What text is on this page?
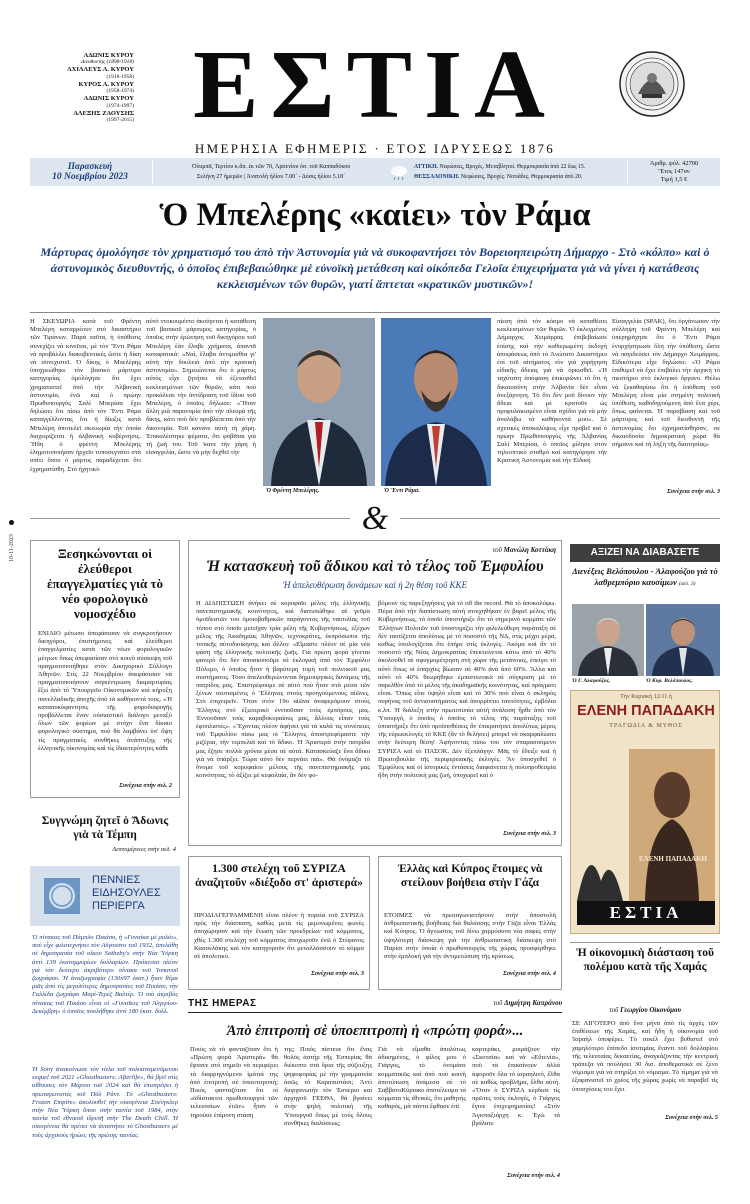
ΑΔΩΝΙΣ ΚΥΡΟΥ
Διευθυντής (1898-1918)
ΑΧΙΛΛΕΥΣ Α. ΚΥΡΟΥ
(1918-1958)
ΚΥΡΟΣ Α. ΚΥΡΟΥ
(1958-1974)
ΑΔΩΝΙΣ ΚΥΡΟΥ
(1974-1997)
ΑΛΕΞΗΣ ΖΑΟΥΣΗΣ
(1997-2015) ΕΣΤΙΑ
ΗΜΕΡΗΣΙΑ ΕΦΗΜΕΡΙΣ · ΕΤΟΣ ΙΔΡΥΣΕΩΣ 1876
Παρασκευή
10 Νοεμβρίου 2023
Ὀλυμπᾶ, Τερτίου κ.ἄπ. ἐκ τῶν 70, Ἀρσενίου ὁσ. τοῦ Καππαδόκου
Σελήνη 27 ἡμερῶν | Ἀνατολή ἡλίου 7.00΄ - Δύσις ἡλίου 5.18΄
ΑΤΤΙΚΗ. Νεφώσεις, Βροχές. Μεταβλητοί. Θερμοκρασία ἀπὸ 22 ἕως 15.
ΘΕΣΣΑΛΟΝΙΚΗ. Νεφώσεις, Βροχές. Νοτιάδες. Θερμοκρασία ἀπὸ 20.
Ἀριθμ. φύλ. 42700
Ἔτος 147ον
Τιμή 1,5 €
Ὁ Μπελέρης «καίει» τὸν Ράμα
Μάρτυρας ὁμολόγησε τὸν χρηματισμό του ἀπὸ τὴν Ἀστυνομία γιὰ νὰ συκοφαντήσει τὸν Βορειοηπειρώτη Δήμαρχο - Στὸ «κόλπο» καὶ ὁ ἀστυνομικὸς διευθυντής, ὁ ὁποῖος ἐπιβεβαιώθηκε μὲ εὐνοϊκὴ μετάθεση καὶ οἰκόπεδα Γελοῖα ἐπιχειρήματα γιὰ νὰ γίνει ἡ κατάθεσις κεκλεισμένων τῶν θυρῶν, γιατί ἅπτεται «κρατικῶν μυστικῶν»!
Η ΣΚΕΥΩΡΙΑ κατὰ τοῦ Φρέντη Μπελέρη καταρρέουν στὸ δικαστήριο τῶν Τιράνων. Παρά ταῦτα, ἡ ὑπόθεσις συνεχίζει νὰ κινεῖται, μὲ τὸν Ἔντι Ράμα νὰ προβάλλει διακυβευτικές ὥστε ἡ δίκη νὰ συνεχιστεῖ. Ὁ δίκης ὁ Μπελέρης ὑποχρεώθηκε τὸν βασικὸ μάρτυρα κατηγορίας ὁμολόγησε ὅτι ἔχει χρηματιστεῖ ἀπὸ τὴν Ἀλβανικὴ ἀστυνομία, ἐνῶ καὶ ὁ πρώην Πρωθυπουργὸς Σαλί Μπερίσα ἔχει δηλώσει ὅτι πίσω ἀπὸ τὸν Ἔντι Ράμα καταγγέλλοντας ὅτι ἡ δίωξις κατὰ Μπελέρη ἀποτελεῖ σκευωρία τὴν ὁποία διαχειρίζεται ἡ ἀλβανικὴ κυβέρνησις. Ἤδη ὁ φρέντη Μπελέρης ἐλημοτοποιήσαν ἡρχεῖο τοποσεγνάτο στὰ σπίτι ὅπου ὁ μάρτυς παραδέχεται ὅτι ἐχρηματίσθη. Στὸ ἠχητικὸ
αὐτὸ ντοκουμέντο ἀκούγεται ἡ κατάθεση τοῦ βασικοῦ μάρτυρος κατηγορίας, ὁ ὁποῖος στὴν ἐρώτηση τοῦ δικηγόρου τοῦ Μπελέρη ἐὰν ἔλαβε χρήματα, ἀπαντᾶ καταφατικά: «Ναί, ἔλαβα ἀντιμισθία γι' αὐτὴ τὴν δουλειὰ ἀπὸ τὴν κρατικὴ ἀστυνομία». Σημειώνεται ὅτι ὁ μάρτυς αὐτὸς εἶχε ζητήσει νὰ ἐξετασθεῖ κεκλεισμένων τῶν θυρῶν, κάτι ποὺ προκάλεσε τὴν ἀντίδραση τοῦ ἰδίου τοῦ Μπελέρη, ὁ ὁποῖος δήλωσε: «Ἤταν ἄλλη μιὰ παρανομία ἀπὸ τὴν πλευρὰ τῆς δίκης, κάτι ποὺ δὲν προβλέπεται ἀπὸ τὴν δικονομία. Τοῦ κάνανε αὐτὴ τὴ χάρη. Ἐπικαλέστηκε ψέματα, ὅτι φοβᾶται γιὰ τὴ ζωή του. Τοῦ 'κανε τὴν χάρη ἡ εἰσαγγελία, ὥστε νὰ μὴν δεχθεῖ τὴν
Ὁ Φρέντη Μπελέρης.	Ὁ Ἔντι Ράμα.
πίεση ἀπὸ τὸν κόσμο νὰ καταθέσει κεκλεισμένων τῶν θυρῶν. Ὁ ἐκλεγμένος Δήμαρχος Χειμάρρας ἐπιβεβαίωσε ἐπίσης καὶ τὴν καθιερωμένη ἐκδοχὴ ἀποφάσεως ἀπὸ τὸ Ἀνώτατο Δικαστήριο ἐπὶ τοῦ αἰτήματος τὸν γιὰ χορήγηση εἰδικῆς ἄδειας γιὰ νὰ ὁρκισθεῖ. «Ἡ ταχύτατη ἀπόφαση ἐπικυρώνει τὸ ὅτι ἡ δικαιοσύνη στὴν Ἀλβανία δὲν εἶναι ἀνεξάρτητη. Τὸ ὅτι δὲν μοῦ δίνουν τὴν ἄδεια καὶ μὲ κρατοῦν ὡς προφυλακισμένο εἶναι σχέδιο γιὰ νὰ μὴν ἀναλάβω τὰ καθήκοντά μου». Σὲ σχετικὲς ἀποκαλύψεις εἶχε προβεῖ καὶ ὁ πρώην Πρωθυπουργὸς τῆς Ἀλβανίας Σαλί Μπερίσα, ὁ ὁποῖος μίλησε στὸν τηλεοπτικὸ σταθμὸ καὶ κατηγόρησε τὴν Κρατικὴ Ἀστυνομία καὶ τὴν Εἰδική
Εἰσαγγελία (SPAK), ὅτι ὀργάνωσαν τὴν σύλληψη τοῦ Φρέντη Μπελέρη καὶ ὑπερημάχησε ὅτι ὁ Ἔντι Ράμα ἐνορχήστρωσε ὅλη τὴν ὑπόθεση, ὥστε νὰ παγιδεύσει τὸν Δήμαρχο Χειμάρρας. Εἰδικότερα εἶχε δηλώσει: «Ὁ Ράμα ἐπιθυμεῖ νὰ ἔχει ἐπιβάλει τὴν ἀρχικὴ τὸ πιεστήριο στὸ ἐκλογικό ὄργανο. Θέλω νὰ ξεκαθαρίσω ὅτι ἡ ὑπόθεση τοῦ Μπελέρη εἶναι μία στημένη πολιτικὴ ὑπόθεση, καθοδηγούμενη ἀπὸ ἕνα χέρι, ὅπως φαίνεται. Ἡ παραβίαση καὶ τοῦ μάρτυρος καὶ τοῦ διευθυντῆ τῆς ἀστυνομίας ὅτι ἐχρηματίσθησαν, σε δικαιοδοσία δημοκρατικὴ χώρα θὰ σήμαινε καὶ τὴ λήξη τῆς διαιτησίας»
Συνέχεια στὴν σελ. 3
&
Ξεσηκώνονται οἱ ἐλεύθεροι ἐπαγγελματίες γιὰ τὸ νέο φορολογικὸ νομοσχέδιο
ΕΝΙΑΙΟ μέτωπο ἀπεφάσισαν νὰ συγκροτήσουν δικηγόροι, ἐπιστήμονες καὶ ἐλεύθεροι ἐπαγγελματίες κατὰ τῶν νέων φορολογικῶν μέτρων ὅπως ἀπεφασίσαν στὸ κοινὸ σύσκεψη τοῦ πραγματοποιήθηκε στὸν Δικηγορικὸ Σύλλογο Ἀθηνῶν. Στὶς 22 Νοεμβρίου ἀπεφάσισαν νὰ πραγματοποιήσουν συγκέντρωση διαμαρτυρίας ἔξω ἀπὸ τὸ Ὑπουργεῖο Οἰκονομικῶν καὶ κήρυξη πανελλαδικῆς ἀποχῆς ἀπὸ τὰ καθήκοντά τους. «Ἡ κατασυκόφαντησις τῆς φοροδιαφυγῆς προβάλλεται ἔναν οὐσιαστικὸ διάλογο μεταξὺ ὅλων τῶν φορέων μὲ στόχο ἕνα δίκαιο φορολογικὸ σύστημα, ποὺ θὰ λαμβάνει ὑπ' ὄψη τὶς πραγματικὲς συνθῆκες ἀνάπτυξης τῆς ἑλληνικῆς οἰκονομίας καὶ τὶς ἰδιαιτερότητες κάθε
Συνέχεια στὴν σελ. 2
Συγγνώμη ζητεῖ ὁ Ἄδωνις γιὰ τὰ Τέμπη
Λεπτομέρειες στὴν σελ. 4
ΠΕΝΝΙΕΣ
ΕΙΔΗΣΟΥΛΕΣ
ΠΕΡΙΕΡΓΑ
Ὁ πίνακας τοῦ Πάμπλο Πικάσο, ἡ «Γυναίκα μὲ ρολόι», ποὺ εἶχε φιλοτεχνήσει τὸν Αὔγουστο τοῦ 1932, ἀπελάθη σὲ δημοπρασία τοῦ οἴκου Sotheby's στὴν Νέα Ὑόρκη ἀντὶ 139 ἑκατομμυρίων δολλαρίων. Πρόκειται πλέον γιὰ τὸν δεύτερο ἀκριβότερο πίνακα τοῦ Ἰσπανοῦ ζωγράφου. Ἡ ἀναζωγραφία (130x97 ἑκατ.) ἦταν θέμα μιᾶς ἀπὸ τὶς μεγαλύτερες δημοπρασίες τοῦ Πικάσο, τὴν Γαλλίδα ζωγράφο Μαρί-Τερέζ Βαλτέρ. Ὁ πιὸ ἀκριβὸς πίνακας τοῦ Πικάσο εἶναι οἱ «Γυναῖκες τοῦ Ἀλγερίου-Δεκέμβρη» ὁ ὁποῖος πουλήθηκε ἀντὶ 180 ἑκατ. δολλ.
Ἡ Sony ἀνακοίνωσε τὸν τίτλο τοῦ πολυαναμενόμενου sequel τοῦ 2021 «Ghostbusters: Afterlife», θὰ βγεῖ στὶς αἴθουσες τὸν Μάρτιο τοῦ 2024 καὶ θὰ ἐπιστρέψει ἡ πρωταγωνιστὲς τοῦ Πόλ Ράντ. Τὸ «Ghostbusters: Frozen Empire» ἀκολουθεῖ τὴν οἰκογένεια Σπένγκλερ στὴν Νέα Ὑόρκη ὅπου στὴν ταινία τοῦ 1984, στὴν ταινία τοῦ ἐθνικοῦ ἰδρυτῆ στὴν The Death Chill. Ἡ οἰκογένεια θὰ πρέπει νὰ ἀναστήσει τὸ Ghostbusters μὲ τοὺς ἀρχικοὺς ἡρώες τῆς πρώτης ταινίας.
τοῦ Μανώλη Κοττάκη
Ἡ κατασκευὴ τοῦ ἄδικου καὶ τὸ τέλος τοῦ Ἐμφυλίου
Ἡ ἀπελευθέρωση δυνάμεων καὶ ἡ 2η θέση τοῦ ΚΚΕ
Η ΔΙΑΠΙΣΤΩΣΗ ἀνήκει σὲ κορυφαῖο μέλος τῆς ἑλληνικῆς πανεπιστημιακῆς κοινότητος, καὶ διατυπώθηκε σὲ γεῦμα ὁμοϊδεατῶν του ὁμοιοβαθμικῶν παράγοντος τῆς ναυτιλίας τοῦ τόπου στὸ ὁποῖο μετεῖχαν τρία μέλη τῆς Κυβερνήσεως, ἐξέχων μέλος τῆς Ἀκαδημίας Ἀθηνῶν, τεχνοκράτες, ἐκπρόσωποι τῆς τοπικῆς αὐτοδιοίκησης καὶ ἄλλοι: «Εἴμαστε πλέον σὲ μία νέα φάση τῆς ἑλληνικῆς πολιτικῆς ζωῆς. Γιὰ πρώτη φορά γίνεται φανερὸ ὅτι δὲν ἀποσκοποῦμε σὲ ἐκλογικὴ ἀπὸ τὸν Ἐμφύλιο Πόλεμο, ὁ ὁποῖος ἦταν ἡ βαρύτερη τομὴ τοῦ πολιτικοῦ μας συστήματος. Τόσο ἀπελευθερώνονται δημιουργικὲς δυνάμεις τῆς πατρίδος μας. Ἐπιστρέφουμε σὲ αὐτὸ ποὺ ἦταν στὰ μέσα τῶν ξένων ταυτισμένος ὁ Ἕλληνας στοὺς προηγούμενους αἰῶνες. Στὸ ἐπιχειρεῖν. Ὅταν στὸν 19ο αἰῶνα ἀναφερόμουν στοὺς Ἕλληνες στὸ ἐξωτερικὸ ἐννοοῦσαν τοὺς ἐμπόρους μας. Ἐννοοῦσαν τοὺς καραβοκυραίους μας, ἄλλους εἶπαν τοὺς ἐφοπλιστές». «Ἔχοντας πλέον ἀφήσει γιὰ τὰ καλά τις συνέπειες τοῦ Ἐμφυλίου πίσω μας οἱ Ἕλληνες ἀποστρεφόμαστε τὴν μιζέρια, τὴν τεμπελιὰ καὶ τὸ ἄδικο. Ἡ Ἀριστερὰ στὴν πατρίδα μας ἔζησε πολλὰ χρόνια μέσα σὲ αὐτά. Κατασκεύαζε ἕνα ἄδικο γιὰ νὰ ὑπάρξει. Τώρα αὐτὸ δὲν περνάει πιά». Θὰ ὀνόμαζα τὸ ὄνομα τοῦ κορυφαίου μέλους τῆς πανεπιστημιακῆς μας κοινότητας, τὸ ἀξίζει μὲ κεφαλαία, ἂν δὲν φο-
βόμουν τὶς παρεξηγήσεις γιὰ τὸ off the record. Θὰ τὸ ἀποκαλύψω. Πέρα ἀπὸ τὴν διαπίστωση αὐτὴ στοιχηθήκαν ἐν βαρεῖ μέλος τῆς Κυβερνήσεως, τὸ ὁποῖο ὑποστήριξε ὅτι τὸ σημερινὸ κομμάτι τῶν Ἑλλήνων Πολιτῶν τοῦ ὑποστηρίζει τὴν φιλελεύθερη παράταξη σὲ δὲν ταυτίζεται ἀπολύτως μὲ τὸ ποσοστὸ τῆς ΝΔ, στὶς μέχρι μέρα, καθὼς ὑπολογίζεται ὅτι ἑπήρε στὶς ἐκλογές. Ἀκόμα καὶ ἂν τὸ ποσοστὸ τῆς Νέας Δημοκρατίας ἐπεκτείνεται κάτω ἀπὸ τὸ 40% ἀκολουθεῖ σὲ σφυγμομέτρηση στὴ χώρα τῆς μετάνοιας, ἐπείγει τὸ αὐτὸ ὅπως οἱ ἐπαρχίες βίωσαν σὲ 40% ἀνὰ ἀπὸ 60%. Ἄλλα καὶ αὐτὸ τὸ 40% θεωρήθηκε ἐμπιστευτικὰ σὲ σύγκριση μὲ τὸ παρελθὸν ἀπὸ τὸ μέλος τῆς ἀκαδημαϊκῆς κοινότητας, καὶ πράγματι εἶναι. Ὅπως εἶπε ὑψηλὸ εἶναι καὶ τὸ 30% ποὺ εἶναι ὁ σκληρὸς πυρήνας τοῦ ἀντισυστήματος καὶ ἀπορρίπτει ταυτότητες, ἐμβόλια κ.λπ. Ἡ διάλεξη στὴν πρωτοτυπία αὐτὴ ἀνάλυση ἦρθε ἀπὸ τὸν Ὑπουργό, ὁ ὁποῖος ὁ ὁποῖος τὸ τέλος τῆς παράταξης τοῦ ὑποστήριξε ὅτι ὑπὸ προϋποθέσεις ἂν ἐπικρατήσει ἀπολύτως μέρος τῆς εὐρωεκλογὲς τὸ ΚΚΕ (ἂν τὸ θελήσει) μπορεῖ νὰ σκαρφαλώσει στὴν δεύτερη θέση! Ἀφήνοντας πίσω του τὸν σπαρασσόμενο ΣΥΡΙΖΑ καὶ τὸ ΠΑΣΟΚ. Δὲν ἐξεπλάγην. Μᾶς τὸ ἔδειξε καὶ ἡ Πρωτοβουλία τῆς περιφερειακῆς ἐκλογές. Ἂν ὑποσχεθεῖ ὁ Ἐμφύλιος καὶ οἱ ἱστορικὲς ἐντάσεις διαφαίνεται ἡ πολυπροθεσμία ἤδη στὴν πολιτικὴ μας ζωή, ὑποχωρεῖ καὶ ὁ
Συνέχεια στὴν σελ. 3
1.300 στελέχη τοῦ ΣΥΡΙΖΑ ἀναζητοῦν «διέξοδο στ' ἀριστερά»
ΠΡΟΔΙΑΓΕΓΡΑΜΜΕΝΗ εἶναι πλέον ἡ πορεία τοῦ ΣΥΡΙΖΑ πρὸς τὴν διάσπαση, καθὼς μετὰ τὶς μεμονωμένες φωνὲς ἀποχώρησαν καὶ τὴν ἕνωση τῶν προεδρείων τοῦ κόμματος, χθὲς 1.300 στελέχη τοῦ κόμματος ἀποχωροῦν ἐνῶ ὁ Στέφανος Κασσελάκης καὶ τὸν κατηγοροῦν ὅτι μεταλλάσσουν τὸ κόμμα σὲ ἀπολιτικὸ.
Συνέχεια στὴν σελ. 3
Ἑλλὰς καὶ Κύπρος ἕτοιμες νὰ στείλουν βοήθεια στὴν Γάζα
ΕΤΟΙΜΕΣ νὰ πρωταγωνιστήσουν στὴν ἀποστολὴ ἀνθρωπιστικῆς βοήθειας διὰ θαλάσσης στὴν Γάζα εἶναι Ἑλλὰς καὶ Κύπρος. Ὁ ἄγνωστος τοῦ δίνω χαρμόσυνα νέα σαφὲς στὴν ὑψηλότερη διάσκεψη γιὰ τὴν ἀνθρωπιστικὴ διάσκεψη στὸ Παρίσι στὴν ὁποία ὁ πρωθυπουργὸς τῆς χώρας προσφέρθηκε στὴν ἐμπλοκὴ γιὰ τὴν ἀντιμετώπιση τῆς κρίσεως.
Συνέχεια στὴν σελ. 4
ΑΞΙΖΕΙ ΝΑ ΔΙΑΒΑΣΕΤΕ
Διενέξεις Βελόπουλου - Ἀλαφούζου γιὰ τὸ λαθρεμπόριο καυσίμων (σελ. 3)
Ὁ Γ. Ἀλαφούζος.	Ὁ Κυρ. Βελόπουλος.
Τὴν Κυριακὴ 12/11 ἡ
ΕΛΕΝΗ ΠΑΠΑΔΑΚΗ
ΤΡΑΓΩΔΙΑ & ΜΥΘΟΣ
ΕΛΕΝΗ ΠΑΠΑΔΑΚΗ
ΕΣΤΙΑ
Ἡ οἰκονομικὴ διάσταση τοῦ πολέμου κατὰ τῆς Χαμάς
τοῦ Γεωργίου Οἰκονόμου
ΣΕ ΛΙΓΟΤΕΡΟ ἀπὸ ἕνα μήνα ἀπὸ τὶς ἀρχὲς τῶν ἐπιθέσεων τῆς Χαμάς, καὶ ἤδη ἡ οἰκονομία τοῦ Ἰσραὴλ ὑποφέρει. Τὸ σεκέλ ἔχει βυθιστεῖ στὸ χαμηλότερο ἐπίπεδο ἰσοτιμίας ἔναντι τοῦ δολλαρίου τῆς τελευταίας δεκαετίας, ἀναγκάζοντας τὴν κεντρικὴ τράπεζα νὰ πουλήσει 30 δισ. ἀποθεματικὰ σὲ ξένο νόμισμα γιὰ νὰ στηρίξει τὸ νόμισμα. Τὸ τίμημα γιὰ νὰ ἐξαφανιστεῖ τὸ χρέος τῆς χώρας χωρὶς νὰ παραβεῖ τὶς ὑποσχέσεις του ἔχει
Συνέχεια στὴν σελ. 5
ΤΗΣ ΗΜΕΡΑΣ	τοῦ Δημήτρη Καπράνου
Ἀπὸ ἐπιτροπὴ σὲ ὑποεπιτροπὴ ἡ «πρώτη φορά»...
Ποιὸς νὰ τὸ φανταζόταν ὅτι ἡ «Πρώτη φορὰ Ἀριστερά» θὰ ἔφτανε στὸ σημεῖο νὰ περιφέρει τὰ διαρρηγνύμενα ἱμάτιά της ἀπὸ ἐπιτροπὴ σὲ ὑποεπιτροπή; Ποιὸς φανταζόταν ὅτι οἱ «ἀδίστακτοι πρωθυπουργοὶ τῶν τελευταίων ἐτῶν» ἦταν ὁ τηρούσε ἐπίμονη στάση
της; Ποιὸς πίστευε ὅτι ἕνας θολὸς ἀστὴρ τῆς Ἐσπερίας θὰ διέκοπτε στὰ ὅρια τῆς σύζευξης ψηφοφορίας μὲ τὴν γραμματεία ἀσῶς τὸ Καραπιστάσι; Ἀντὶ διοργανωτὴν τὸν Ἑσπέριο καὶ ἀρχηγοῦ ΓΕΕΘΑ, θὰ βγαίνει στὴν ψηλὴ πολιτικὴ τῆς Ὑπουργοῦ ὅπως μὲ τοὺς ὅλους συνθῆκες διαλύσεως;
Γιὰ νὰ εἴμαθα ἀπολύτως ἀδικημένος, ὁ φίλος μου ὁ Γιάργος, τὸ ὀνομάσε κομματικῶς καὶ ἀπὸ ποὺ κοινὴ ἀποτύπωση ἀνάμεσα σὲ τὸ ΣαββατοΚύριακο ἀποτέλεσμα τὰ κόμματα τὶς ἐθνικὲς, ὅτι μαθητὴς καθαρὸς, μὰ πάντα ἔφθασε ἐπὶ
καρτεράκι, μοιράζουν τὴν «Σκοτσία» καὶ νὰ «Εὔτενία», ποὺ τὰ ἐπικαίνουν ἀλλὰ ἀφοροῦν ὅλα τὸ ἰσραηλινό, ἔλθα σὲ καθὼς προβλῆμα, ἔλθα αὐτή. «Ὅταν ὁ ΣΥΡΙΖΑ κέρδισε τὶς πρῶτες τοὺς ἐκλογές, ὁ Γιάργος ἔγινε ἐπιχειρηματίας! «Στὸν Ἀγιοταξιάρχη κ. Ἐγὼ τά βγάλατε
Συνέχεια στὴν σελ. 4
10-11-2023
